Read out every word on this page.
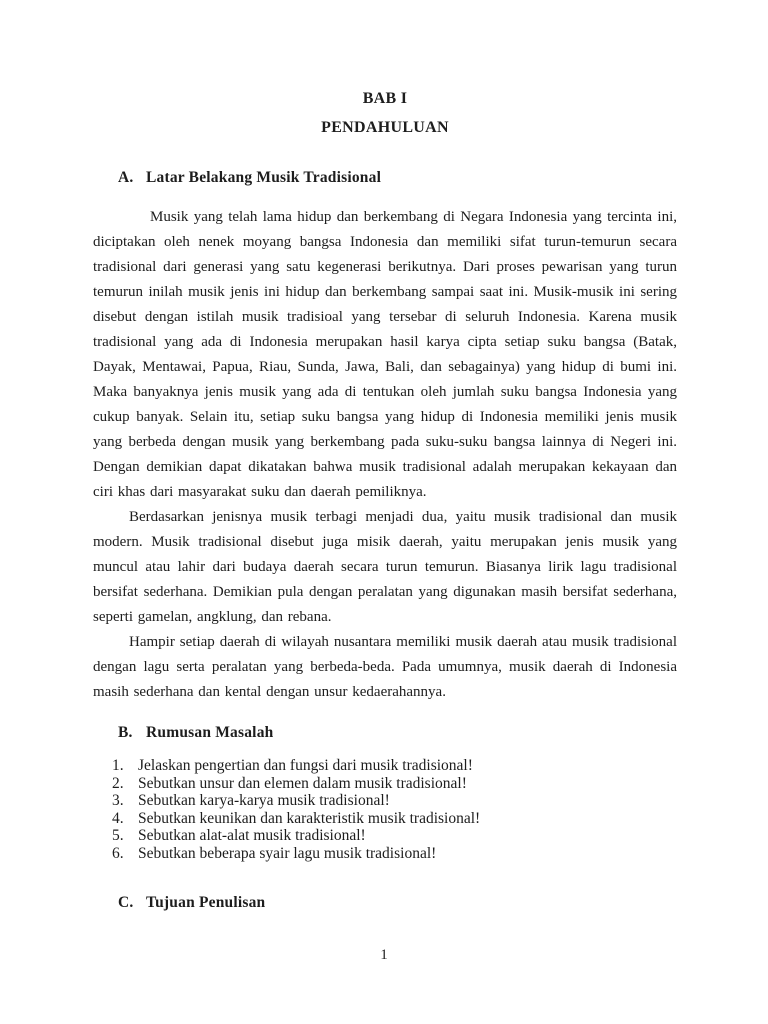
BAB I
PENDAHULUAN
A. Latar Belakang Musik Tradisional

Musik yang telah lama hidup dan berkembang di Negara Indonesia yang tercinta ini, diciptakan oleh nenek moyang bangsa Indonesia dan memiliki sifat turun-temurun secara tradisional dari generasi yang satu kegenerasi berikutnya. Dari proses pewarisan yang turun temurun inilah musik jenis ini hidup dan berkembang sampai saat ini. Musik-musik ini sering disebut dengan istilah musik tradisioal yang tersebar di seluruh Indonesia. Karena musik tradisional yang ada di Indonesia merupakan hasil karya cipta setiap suku bangsa (Batak, Dayak, Mentawai, Papua, Riau, Sunda, Jawa, Bali, dan sebagainya) yang hidup di bumi ini. Maka banyaknya jenis musik yang ada di tentukan oleh jumlah suku bangsa Indonesia yang cukup banyak. Selain itu, setiap suku bangsa yang hidup di Indonesia memiliki jenis musik yang berbeda dengan musik yang berkembang pada suku-suku bangsa lainnya di Negeri ini. Dengan demikian dapat dikatakan bahwa musik tradisional adalah merupakan kekayaan dan ciri khas dari masyarakat suku dan daerah pemiliknya.

Berdasarkan jenisnya musik terbagi menjadi dua, yaitu musik tradisional dan musik modern. Musik tradisional disebut juga misik daerah, yaitu merupakan jenis musik yang muncul atau lahir dari budaya daerah secara turun temurun. Biasanya lirik lagu tradisional bersifat sederhana. Demikian pula dengan peralatan yang digunakan masih bersifat sederhana, seperti gamelan, angklung, dan rebana.

Hampir setiap daerah di wilayah nusantara memiliki musik daerah atau musik tradisional dengan lagu serta peralatan yang berbeda-beda. Pada umumnya, musik daerah di Indonesia masih sederhana dan kental dengan unsur kedaerahannya.

B. Rumusan Masalah
1. Jelaskan pengertian dan fungsi dari musik tradisional!
2. Sebutkan unsur dan elemen dalam musik tradisional!
3. Sebutkan karya-karya musik tradisional!
4. Sebutkan keunikan dan karakteristik musik tradisional!
5. Sebutkan alat-alat musik tradisional!
6. Sebutkan beberapa syair lagu musik tradisional!
C. Tujuan Penulisan
1
